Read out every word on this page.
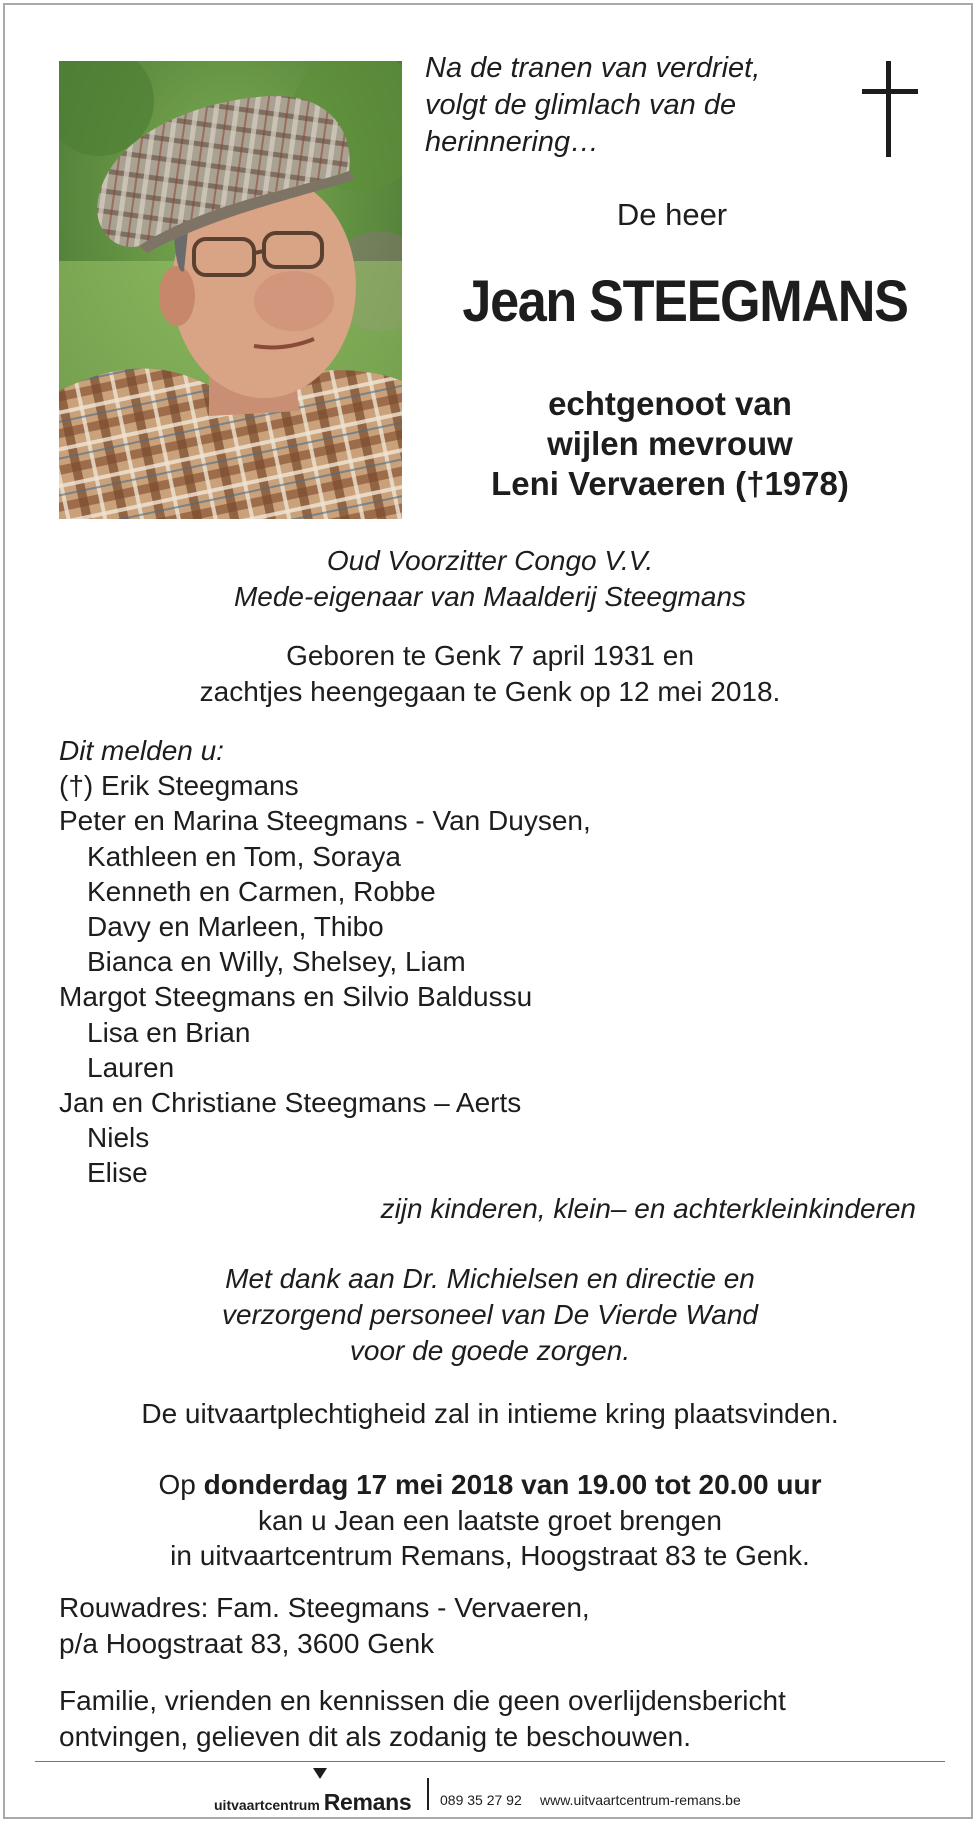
Na de tranen van verdriet,
volgt de glimlach van de
herinnering…
De heer
Jean STEEGMANS
echtgenoot van
wijlen mevrouw
Leni Vervaeren (†1978)
Oud Voorzitter Congo V.V.
Mede-eigenaar van Maalderij Steegmans
Geboren te Genk 7 april 1931 en
zachtjes heengegaan te Genk op 12 mei 2018.
Dit melden u:
(†) Erik Steegmans
Peter en Marina Steegmans - Van Duysen,
Kathleen en Tom, Soraya
Kenneth en Carmen, Robbe
Davy en Marleen, Thibo
Bianca en Willy, Shelsey, Liam
Margot Steegmans en Silvio Baldussu
Lisa en Brian
Lauren
Jan en Christiane Steegmans – Aerts
Niels
Elise
zijn kinderen, klein– en achterkleinkinderen
Met dank aan Dr. Michielsen en directie en
verzorgend personeel van De Vierde Wand
voor de goede zorgen.
De uitvaartplechtigheid zal in intieme kring plaatsvinden.
Op donderdag 17 mei 2018 van 19.00 tot 20.00 uur
kan u Jean een laatste groet brengen
in uitvaartcentrum Remans, Hoogstraat 83 te Genk.
Rouwadres: Fam. Steegmans - Vervaeren,
p/a Hoogstraat 83, 3600 Genk
Familie, vrienden en kennissen die geen overlijdensbericht
ontvingen, gelieven dit als zodanig te beschouwen.
uitvaartcentrum Remans 089 35 27 92 www.uitvaartcentrum-remans.be
